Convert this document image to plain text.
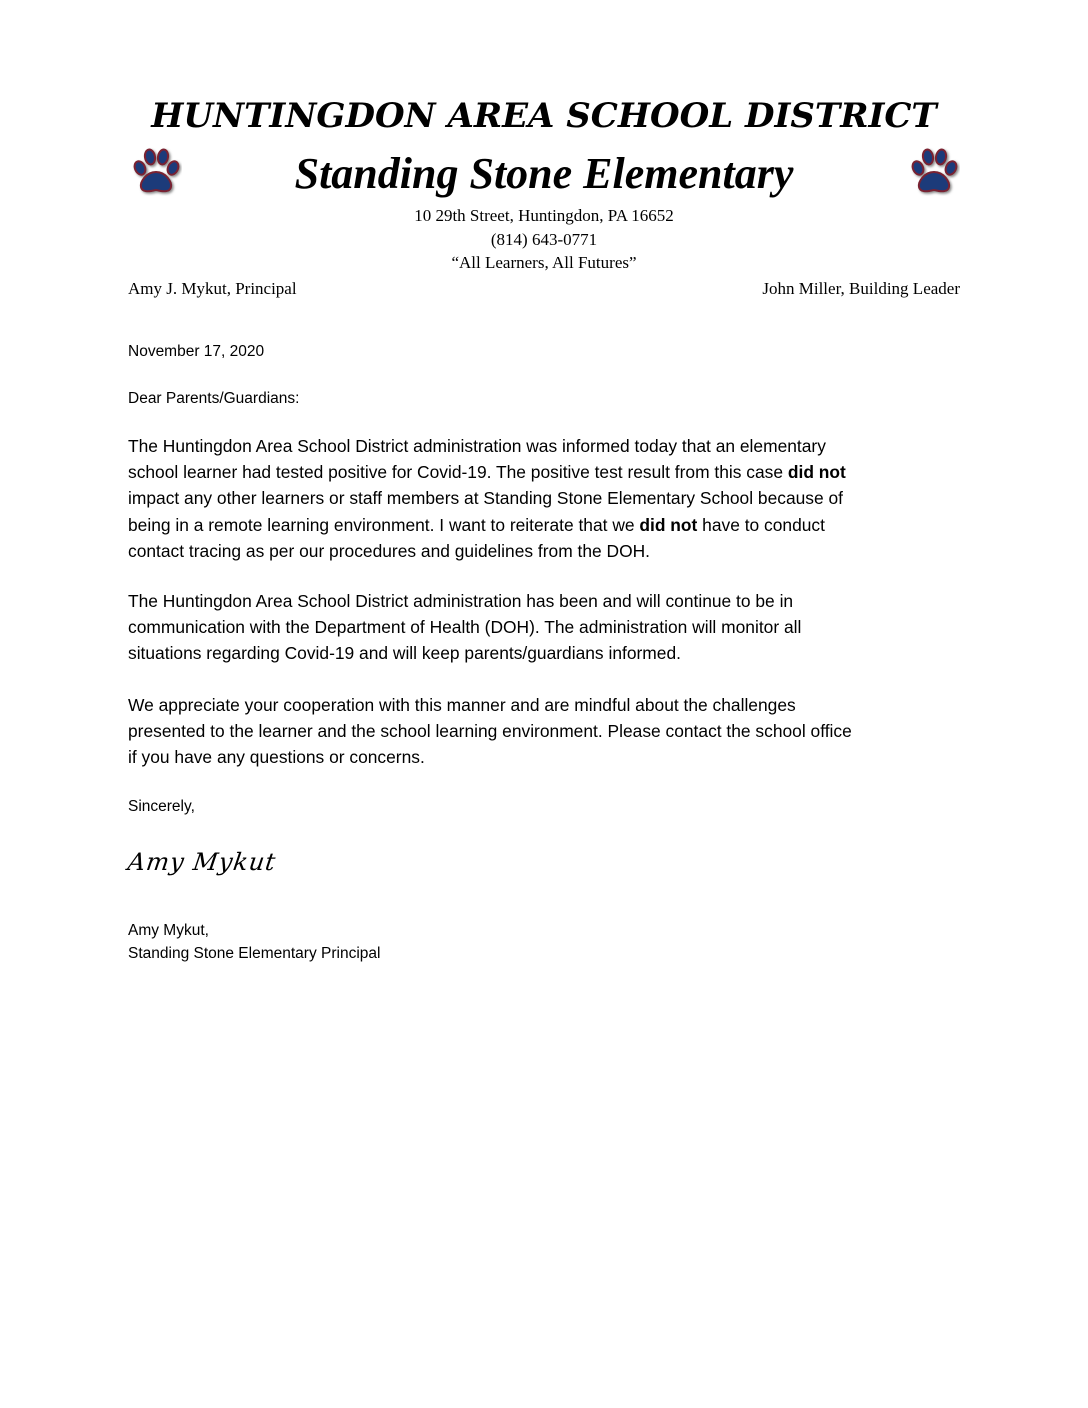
HUNTINGDON AREA SCHOOL DISTRICT
Standing Stone Elementary
10 29th Street, Huntingdon, PA 16652
(814) 643-0771
“All Learners, All Futures”
Amy J. Mykut, Principal	John Miller, Building Leader
November 17, 2020
Dear Parents/Guardians:
The Huntingdon Area School District administration was informed today that an elementary
school learner had tested positive for Covid-19. The positive test result from this case did not
impact any other learners or staff members at Standing Stone Elementary School because of
being in a remote learning environment. I want to reiterate that we did not have to conduct
contact tracing as per our procedures and guidelines from the DOH.
The Huntingdon Area School District administration has been and will continue to be in
communication with the Department of Health (DOH). The administration will monitor all
situations regarding Covid-19 and will keep parents/guardians informed.
We appreciate your cooperation with this manner and are mindful about the challenges
presented to the learner and the school learning environment. Please contact the school office
if you have any questions or concerns.
Sincerely,
Amy Mykut
Amy Mykut,
Standing Stone Elementary Principal
